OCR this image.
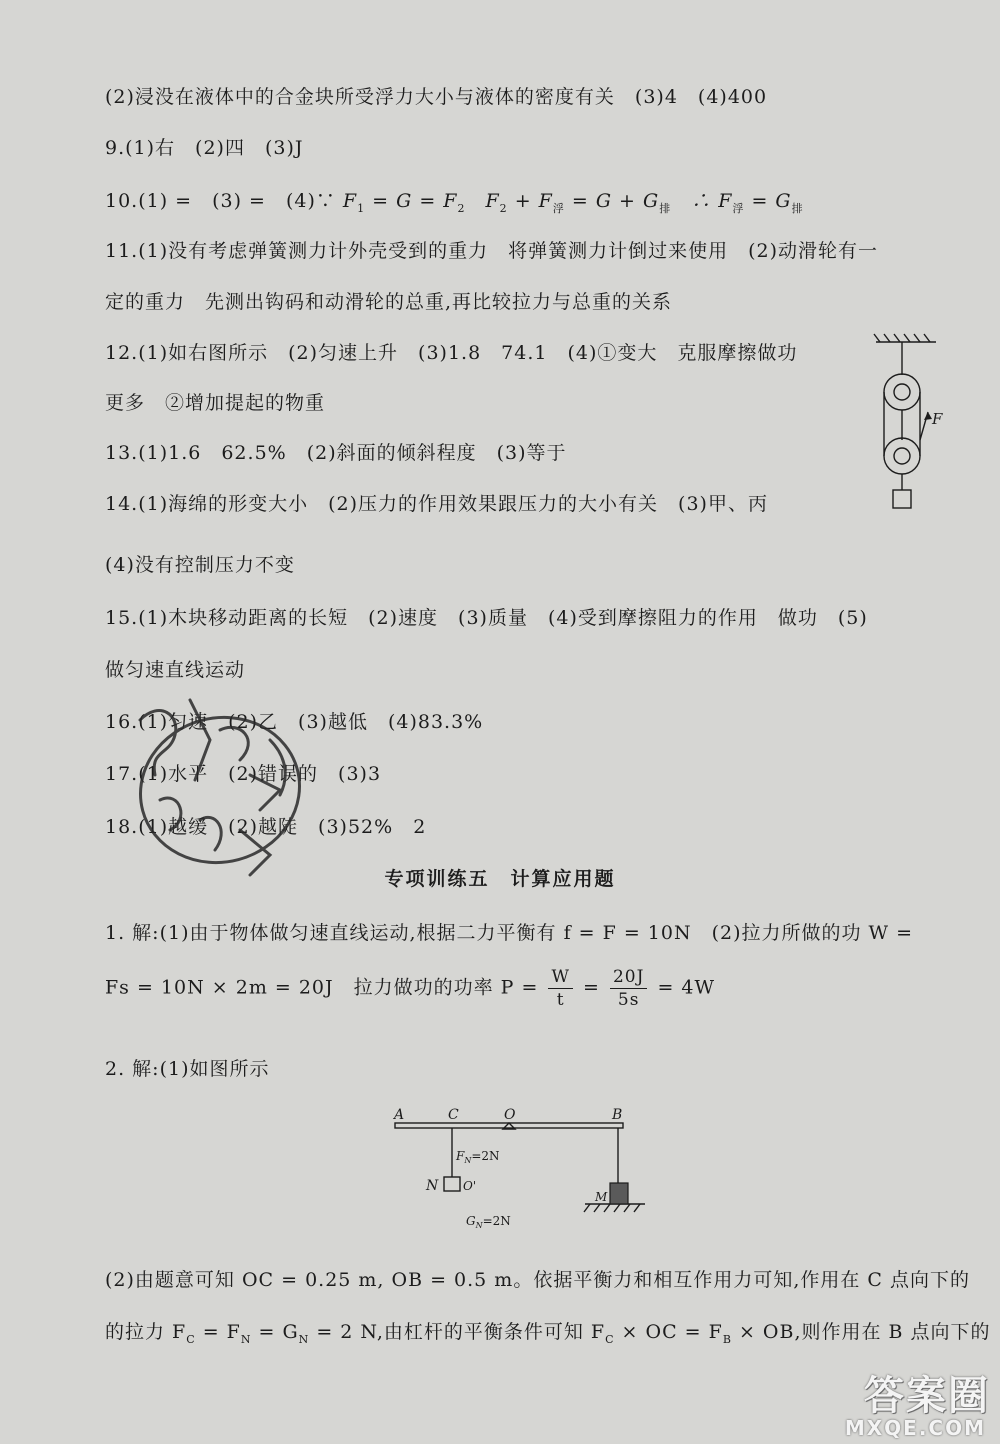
(2)浸没在液体中的合金块所受浮力大小与液体的密度有关　(3)4　(4)400
9.(1)右　(2)四　(3)J
10.(1) =　(3) =　(4)∵ $F_1 = G = F_2$　$F_2 + F_浮 = G + G_排$　∴ $F_浮 = G_排$
11.(1)没有考虑弹簧测力计外壳受到的重力　将弹簧测力计倒过来使用　(2)动滑轮有一
定的重力　先测出钩码和动滑轮的总重,再比较拉力与总重的关系
12.(1)如右图所示　(2)匀速上升　(3)1.8　74.1　(4)①变大　克服摩擦做功
更多　②增加提起的物重
13.(1)1.6　62.5%　(2)斜面的倾斜程度　(3)等于
14.(1)海绵的形变大小　(2)压力的作用效果跟压力的大小有关　(3)甲、丙
(4)没有控制压力不变
15.(1)木块移动距离的长短　(2)速度　(3)质量　(4)受到摩擦阻力的作用　做功　(5)
做匀速直线运动
16.(1)匀速　(2)乙　(3)越低　(4)83.3%
17.(1)水平　(2)错误的　(3)3
18.(1)越缓　(2)越陡　(3)52%　2
专项训练五　计算应用题
1. 解:(1)由于物体做匀速直线运动,根据二力平衡有 f = F = 10N　(2)拉力所做的功 W =
Fs = 10N × 2m = 20J　拉力做功的功率 $P = \frac{W}{t} = \frac{20J}{5s} = 4W$
2. 解:(1)如图所示
(2)由题意可知 OC = 0.25 m, OB = 0.5 m。依据平衡力和相互作用力可知,作用在 C 点向下的
的拉力 $F_C = F_N = G_N = 2$ N,由杠杆的平衡条件可知 $F_C$ × OC = $F_B$ × OB,则作用在 B 点向下的
F
A	C	O	B
$F_N=2N$
N O'
$G_N=2N$
M
答案圈
MXQE.COM
